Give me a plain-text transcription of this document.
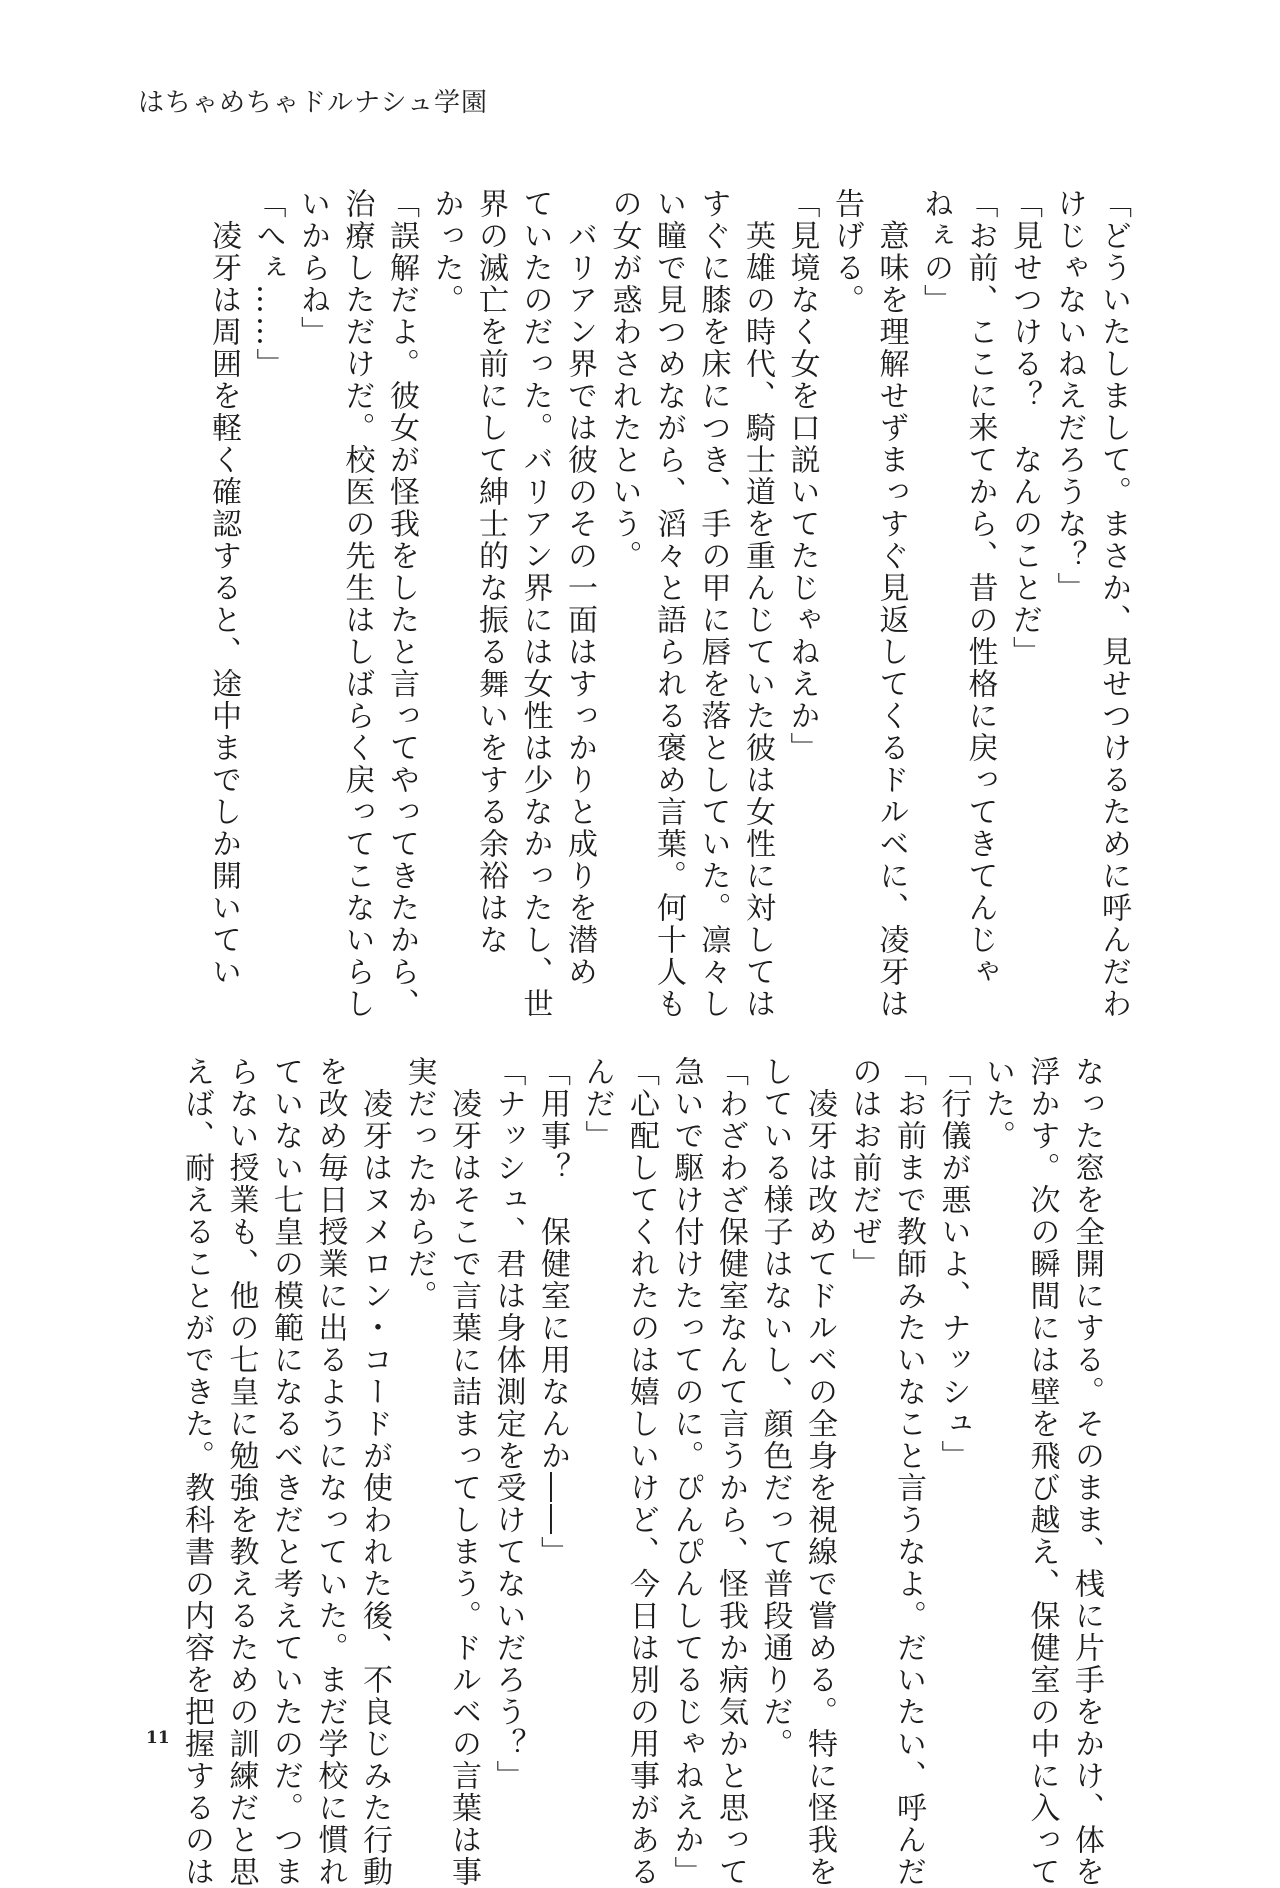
はちゃめちゃドルナシュ学園
「どういたしまして。まさか、見せつけるために呼んだわ
けじゃないねえだろうな？」
「見せつける？　なんのことだ」
「お前、ここに来てから、昔の性格に戻ってきてんじゃ
ねぇの」
　意味を理解せずまっすぐ見返してくるドルベに、凌牙は
告げる。
「見境なく女を口説いてたじゃねえか」
　英雄の時代、騎士道を重んじていた彼は女性に対しては
すぐに膝を床につき、手の甲に唇を落としていた。凛々し
い瞳で見つめながら、滔々と語られる褒め言葉。何十人も
の女が惑わされたという。
　バリアン界では彼のその一面はすっかりと成りを潜め
ていたのだった。バリアン界には女性は少なかったし、世
界の滅亡を前にして紳士的な振る舞いをする余裕はな
かった。
「誤解だよ。彼女が怪我をしたと言ってやってきたから、
治療しただけだ。校医の先生はしばらく戻ってこないらし
いからね」
「へぇ……」
　凌牙は周囲を軽く確認すると、途中までしか開いてい
なった窓を全開にする。そのまま、桟に片手をかけ、体を
浮かす。次の瞬間には壁を飛び越え、保健室の中に入って
いた。
「行儀が悪いよ、ナッシュ」
「お前まで教師みたいなこと言うなよ。だいたい、呼んだ
のはお前だぜ」
　凌牙は改めてドルベの全身を視線で嘗める。特に怪我を
している様子はないし、顔色だって普段通りだ。
「わざわざ保健室なんて言うから、怪我か病気かと思って
急いで駆け付けたってのに。ぴんぴんしてるじゃねえか」
「心配してくれたのは嬉しいけど、今日は別の用事がある
んだ」
「用事？　保健室に用なんか――」
「ナッシュ、君は身体測定を受けてないだろう？」
　凌牙はそこで言葉に詰まってしまう。ドルベの言葉は事
実だったからだ。
　凌牙はヌメロン・コードが使われた後、不良じみた行動
を改め毎日授業に出るようになっていた。まだ学校に慣れ
ていない七皇の模範になるべきだと考えていたのだ。つま
らない授業も、他の七皇に勉強を教えるための訓練だと思
えば、耐えることができた。教科書の内容を把握するのは
11
